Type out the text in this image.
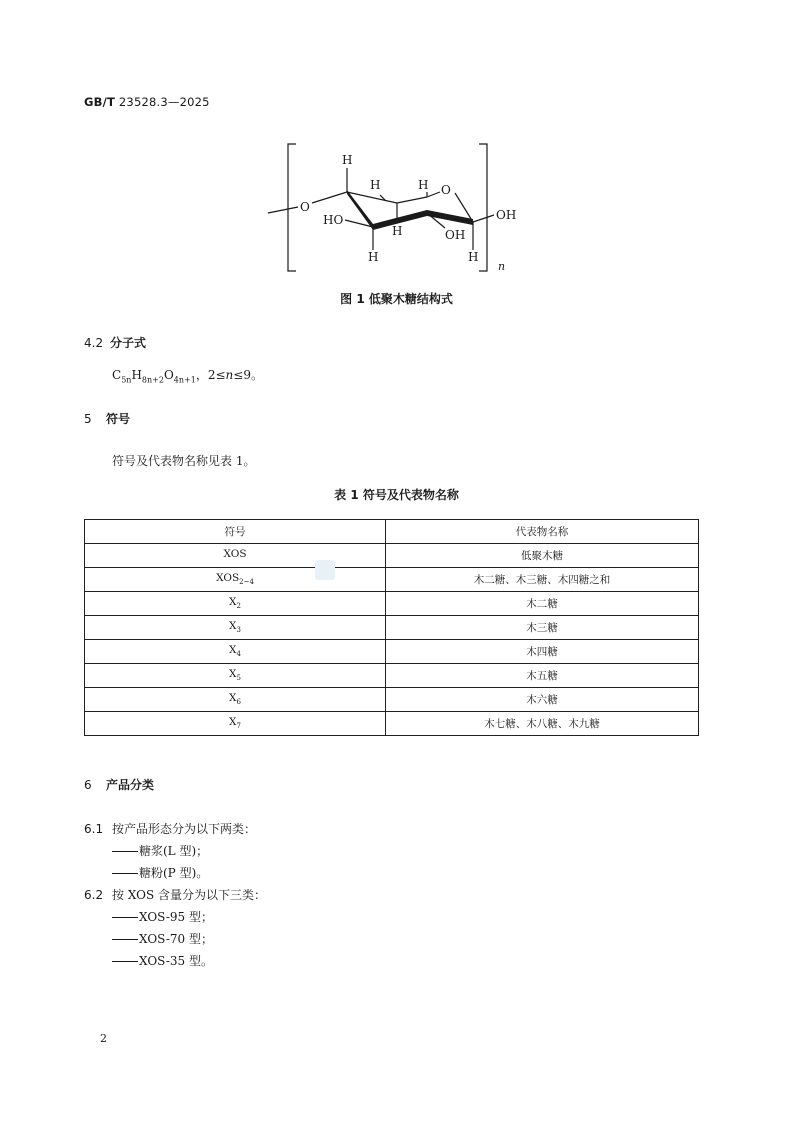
GB/T 23528.3—2025
O
H
H	H O
OH
HO
H	OH
H	H
n
图 1 低聚木糖结构式
4.2 分子式
$C_{5n}H_{8n+2}O_{4n+1}$，2≤n≤9。
5 符号
符号及代表物名称见表 1。
表 1 符号及代表物名称
符号	代表物名称
XOS	低聚木糖
$XOS_{2\sim 4}$	木二糖、木三糖、木四糖之和
$X_2$	木二糖
$X_3$	木三糖
$X_4$	木四糖
$X_5$	木五糖
$X_6$	木六糖
$X_7$	木七糖、木八糖、木九糖
6 产品分类
6.1 按产品形态分为以下两类：
糖浆(L 型)；
糖粉(P 型)。
6.2 按 XOS 含量分为以下三类：
XOS-95 型；
XOS-70 型；
XOS-35 型。
2
